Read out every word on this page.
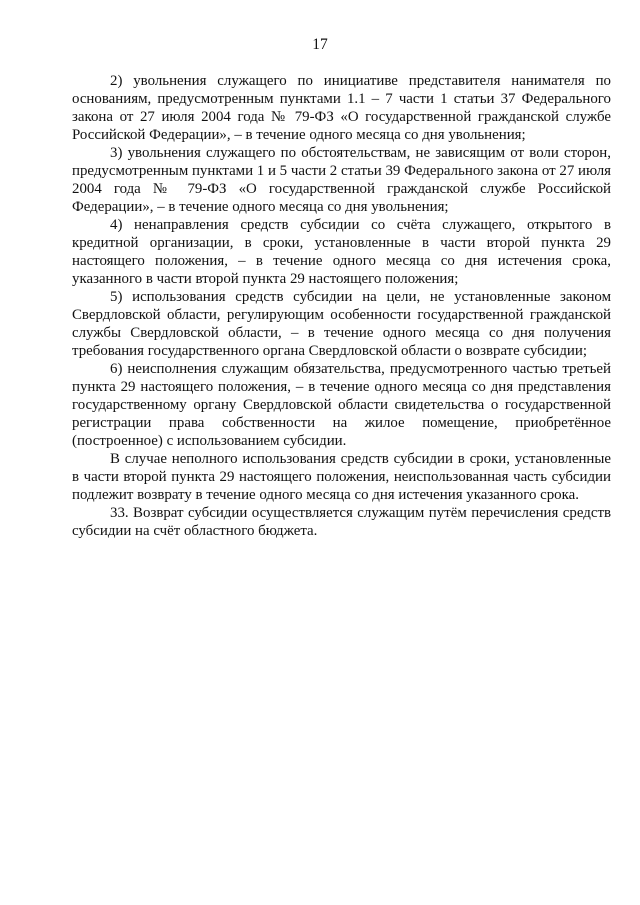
17

2) увольнения служащего по инициативе представителя нанимателя по основаниям, предусмотренным пунктами 1.1 – 7 части 1 статьи 37 Федерального закона от 27 июля 2004 года № 79-ФЗ «О государственной гражданской службе Российской Федерации», – в течение одного месяца со дня увольнения;

3) увольнения служащего по обстоятельствам, не зависящим от воли сторон, предусмотренным пунктами 1 и 5 части 2 статьи 39 Федерального закона от 27 июля 2004 года № 79-ФЗ «О государственной гражданской службе Российской Федерации», – в течение одного месяца со дня увольнения;

4) ненаправления средств субсидии со счёта служащего, открытого в кредитной организации, в сроки, установленные в части второй пункта 29 настоящего положения, – в течение одного месяца со дня истечения срока, указанного в части второй пункта 29 настоящего положения;

5) использования средств субсидии на цели, не установленные законом Свердловской области, регулирующим особенности государственной гражданской службы Свердловской области, – в течение одного месяца со дня получения требования государственного органа Свердловской области о возврате субсидии;

6) неисполнения служащим обязательства, предусмотренного частью третьей пункта 29 настоящего положения, – в течение одного месяца со дня представления государственному органу Свердловской области свидетельства о государственной регистрации права собственности на жилое помещение, приобретённое (построенное) с использованием субсидии.

В случае неполного использования средств субсидии в сроки, установленные в части второй пункта 29 настоящего положения, неиспользованная часть субсидии подлежит возврату в течение одного месяца со дня истечения указанного срока.

33. Возврат субсидии осуществляется служащим путём перечисления средств субсидии на счёт областного бюджета.
